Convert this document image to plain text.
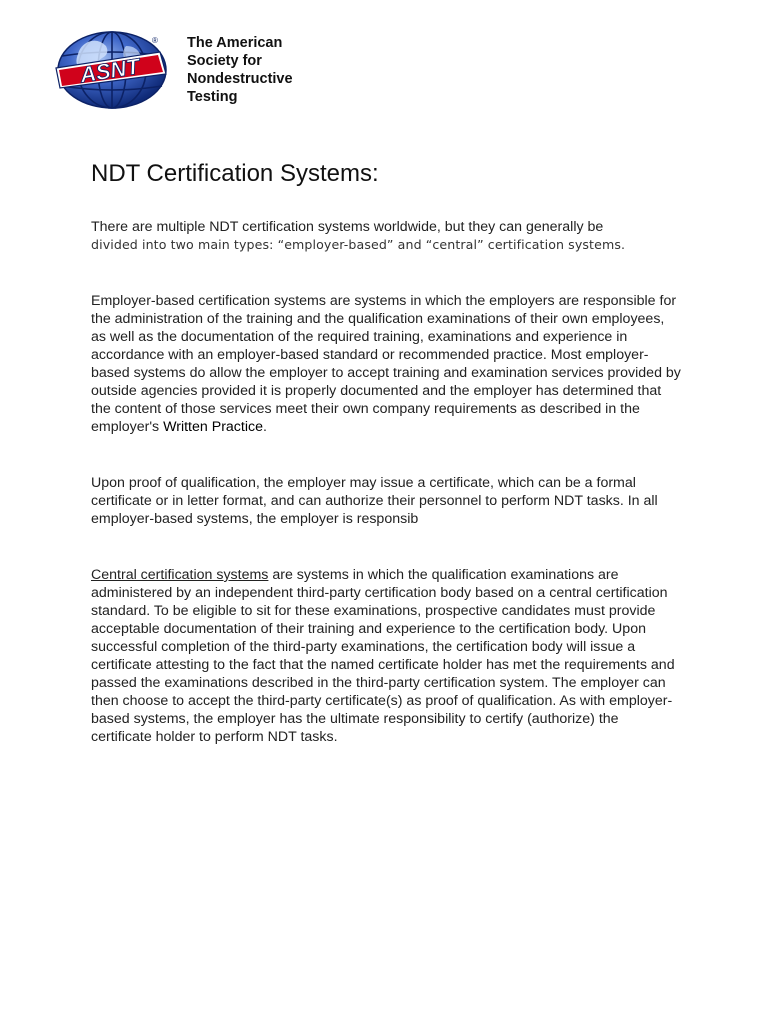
ASNT
® The American
Society for
Nondestructive
Testing

NDT Certification Systems:

There are multiple NDT certification systems worldwide, but they can generally be
divided into two main types: “employer-based” and “central” certification systems.

Employer-based certification systems are systems in which the employers are responsible for the administration of the training and the qualification examinations of their own employees, as well as the documentation of the required training, examinations and experience in accordance with an employer-based standard or recommended practice. Most employer-based systems do allow the employer to accept training and examination services provided by outside agencies provided it is properly documented and the employer has determined that the content of those services meet their own company requirements as described in the employer's Written Practice.

Upon proof of qualification, the employer may issue a certificate, which can be a formal certificate or in letter format, and can authorize their personnel to perform NDT tasks. In all employer-based systems, the employer is responsib

Central certification systems are systems in which the qualification examinations are administered by an independent third-party certification body based on a central certification standard. To be eligible to sit for these examinations, prospective candidates must provide acceptable documentation of their training and experience to the certification body. Upon successful completion of the third-party examinations, the certification body will issue a certificate attesting to the fact that the named certificate holder has met the requirements and passed the examinations described in the third-party certification system. The employer can then choose to accept the third-party certificate(s) as proof of qualification. As with employer-based systems, the employer has the ultimate responsibility to certify (authorize) the certificate holder to perform NDT tasks.
